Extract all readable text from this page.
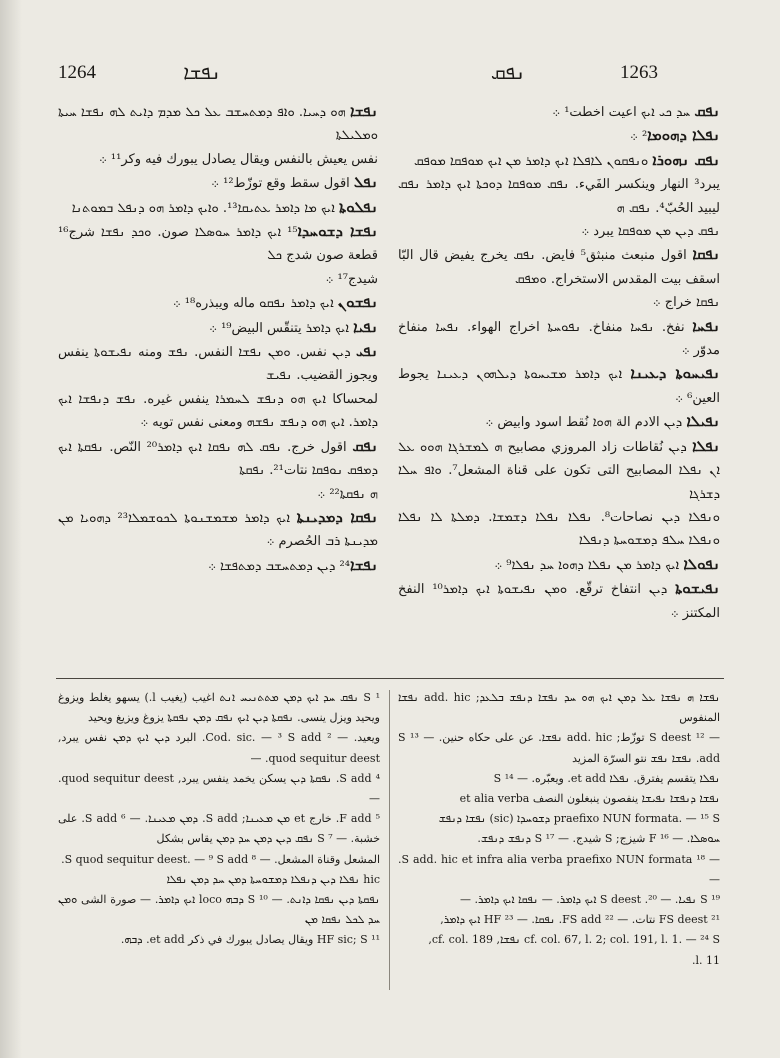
1264	ܢܦܫܐ	ܢܦܩ	1263

ܢܦܫܐ ܗܘ ܕܚܝܐ. ܘܐܦ ܕܡܬܚܫܒ ܥܠ ܟܠ ܡܕܡ ܕܐܝܬ ܠܗ ܢܦܫܐ ܚܝܬܐ ܘܡܠܝܠܬܐ

نفس يعيش بالنفس ويقال يصادل يبورك فيه وكر¹¹ ܀

ܢܦܠ اقول سقط وقع توزّط¹² ܀

ܢܦܠܘܬܐ ܐܝܟ ܡܐ ܕܐܡܪ ܥܬܝܩܐ¹³. ܘܐܝܟ ܕܐܡܪ ܗܘ ܕܢܦܠ ܒܡܘܬܢܐ

ܢܦܫܐ ܕܫܘܚܕܐ¹⁵ ܐܝܟ ܕܐܡܪ ܚܘܣܠܐ صون. ܘܟܕ ܢܦܫܐ شرج¹⁶ قطعة صون شدج ܟܠ

شيدج¹⁷ ܀

ܢܦܫܘܢ ܐܝܟ ܕܐܡܪ ܢܦܩܘ ماله ويبذره¹⁸ ܀

ܢܦܝܐ ܐܝܟ ܕܐܡܪ يتنقّس البيض¹⁹ ܀

ܢܦܝ ܕܝܢ نفس. ܘܡܢ ܢܦܫܐ النفس. ܢܦܫ ومنه ܢܦܝܫܘܬܐ ينفس ويجوز القضيب. ܢܦܝܫ

لمحساكا ܐܝܟ ܗܘ ܕܢܦܫ ܠܚܡܪܐ ينفس غيره. ܢܦܫ ܕܢܦܫܐ ܐܝܟ ܕܐܡܪ. ܐܝܟ ܗܘ ܕܢܦܫ ܢܦܫܗ ومعنى نفس تويه ܀

ܢܦܩ اقول خرج. ܢܦܩ ܠܗ ܢܦܩܐ ܐܝܟ ܕܐܡܪ²⁰ النّص. ܢܦܩܬܐ ܐܝܟ ܕܡܦܩ ܢܘܦܩܐ نتات²¹. ܢܦܩܬܐ

ܗ ܢܦܩܬܐ²² ܀

ܢܦܩܐ ܕܡܕܝܢܬܐ ܐܝܟ ܕܐܡܪ ܡܫܡܫܢܘܬܐ ܠܟܘܫܡܠܐ²³ ܕܗܘܝܐ ܡܢ ܡܕܝܢܬܐ ܪܒ الحُصرم ܀

ܢܦܫܐ²⁴ ܕܝܢ ܕܡܬܚܫܒ ܕܡܬܦܫܐ ܀

ܢܦܩ ܚܕ ܟܝ ܐܝܟ اعيت اخطت¹ ܀

ܢܦܠܐ ܕܗܘܡܐ² ܀

ܢܦܩ ܢܗܘܪܐ ܘܢܦܩܘܢ ܠܐܦܠܐ ܐܝܟ ܕܐܡܪ ܡܢ ܐܝܟ ܡܘܦܩܐ ܡܘܦܩ

يبرد³ النهار وينكسر الفَيء. ܢܦܩ ܡܘܦܩܐ ܕܘܟܬܐ ܐܝܟ ܕܐܡܪ ܢܦܩ ليبيد الحُبّ⁴. ܢܦܩ ܗ

ܢܦܩ ܕܝܢ ܡܢ ܡܘܦܩܐ يبرد ܀

ܢܦܩܐ اقول منبعث منبثق⁵ فايض. ܢܦܩ يخرج يفيض قال البّا اسقف بيت المقدس الاستخراج. ܘܡܦܩ

ܢܦܩܐ خراج ܀

ܢܦܚܐ نفخ. ܢܦܚܐ منفاخ. ܢܦܘܚܬܐ اخراج الهواء. ܢܦܚܐ منفاخ مدوّر ܀

ܢܦܝܚܘܬܐ ܕܥܝܢܐ ܐܝܟ ܕܐܡܪ ܡܫܝܚܘܬܐ ܕܝܠܗܘܢ ܕܥܝܢܐ يجوط العين⁶ ܀

ܢܦܝܠܐ ܕܝܢ الادم الة ܗܘܐ نُقط اسود وابيض ܀

ܢܦܠܐ ܕܝܢ نُقاطات زاد المروزي مصابيح ܗ ܠܡܫܪܓܐ ܗܘܘ ܥܠ ܐܢ ܢܦܠܐ المصابيح التى تكون على قناة المشعل⁷. ܘܐܦ ܚܠܐ ܕܫܪܓܐ

ܘܢܦܠܐ ܕܝܢ نصاحات⁸. ܢܦܠܐ ܢܦܠܐ ܕܫܡܫܐ. ܕܡܠܬܐ ܠܐ ܢܦܠܐ ܘܢܦܠܐ ܚܠܦ ܕܡܫܘܚܬܐ ܕܢܦܠܐ

ܢܦܘܠܐ ܐܝܟ ܕܐܡܪ ܡܢ ܢܦܠܐ ܕܗܘܐ ܚܕ ܢܦܠܐ⁹ ܀

ܢܦܝܫܘܬܐ ܕܝܢ انتفاخ ترقّع. ܘܡܢ ܢܦܝܫܘܬܐ ܐܝܟ ܕܐܡܪ¹⁰ النفخ المكتنز ܀

¹ S ܢܦܩ ܚܕ ܐܝܟ ܕܡܢ ܡܬܬܢܝܚ ܐܢܬ اغيب (يغيب l.) يسهو يغلط ويزوغ ويحيد ويزل ينسى. ܢܦܩܬܐ ܕܝܢ ܐܝܟ ܢܦܩ ܕܡܢ ܢܦܩܬܐ يزوغ ويزيغ ويحيد

ويعيد. — ² Cod. sic. — ³ S add. البرد ܕܝܢ ܐܝܟ ܕܡܢ نفس يبرد, quod sequitur deest. —

⁴ S add. ܢܦܩܬܐ ܕܝܢ يسكن يخمد ينفس يبرد, quod sequitur deest. —

⁵ F add. خارج et ܡܢ ܡܥܝܢܐ; S add. ܕܡܢ ܡܥܝܢܐ. — ⁶ S add. على خشبة. — ⁷ S ܢܦܩ ܕܝܢ ܕܡܢ ܚܕ ܕܡܢ يقاس بشكل

المشعل وقناة المشعل. — ⁸ S quod sequitur deest. — ⁹ S add.

hic ܢܦܠܐ ܕܝܢ ܕܢܦܠܐ ܕܡܫܘܚܬܐ ܕܡܢ ܚܕ ܕܡܢ ܢܦܠܐ

ܢܦܩܬܐ ܕܝܢ ܢܦܩܐ ܕܐܢܬ. — ¹⁰ S ܕܒܗ loco ܐܝܟ ܕܐܡܪ. — صورة الشى ܘܡܢ ܚܕ ܠܟܠ ܢܦܩܐ ܡܢ

¹¹ HF sic; S ويقال يصادل يبورك في ذكر et add. ܕܒܗ.

ܢܦܫܐ ܗ ܢܦܫܐ ܥܠ ܕܡܢ ܐܝܟ ܗܘ ܚܕ ܢܦܫܐ ܕܢܦܫ ܒܠܥܕ; add. hic ܢܦܫܐ المنفوس

— ¹² S deest توزّط; add. hic ܢܦܫܐ. عن على حكاه حنين. — ¹³ S add. ܢܦܫܐ ܢܦܫ نتو السرّة المزيد

ܢܦܠܐ يتقسم يفترق. ܢܦܠܐ et add. ويعبّره. — ¹⁴ S

ܢܦܫܐ ܕܢܦܫܐ ܢܦܝܫܐ ينفصون ينبغلون النصف et alia verba

praefixo NUN formata. — ¹⁵ S ܕܫܘܚܕܐ (sic) ܢܦܫܐ ܕܢܦܫ

ܚܘܣܠܐ. — ¹⁶ F شيزج; S شيدج. — ¹⁷ S ܕܢܦܫ ܕܢܦܫ.

— ¹⁸ S add. hic et infra alia verba praefixo NUN formata. —

¹⁹ S ܢܦܝܐ. — ²⁰. S deest ܐܝܟ ܕܐܡܪ. — ܢܦܩܐ ܐܝܟ ܕܐܡܪ. —

²¹ FS deest نتات. — ²² FS add. ܢܦܩܐ. — ²³ HF ܐܝܟ ܕܐܡܪ,

cf. col. 67, l. 2; col. 191, l. 1. — ²⁴ S ܢܦܫܐ, cf. col. 189,

l. 11.
